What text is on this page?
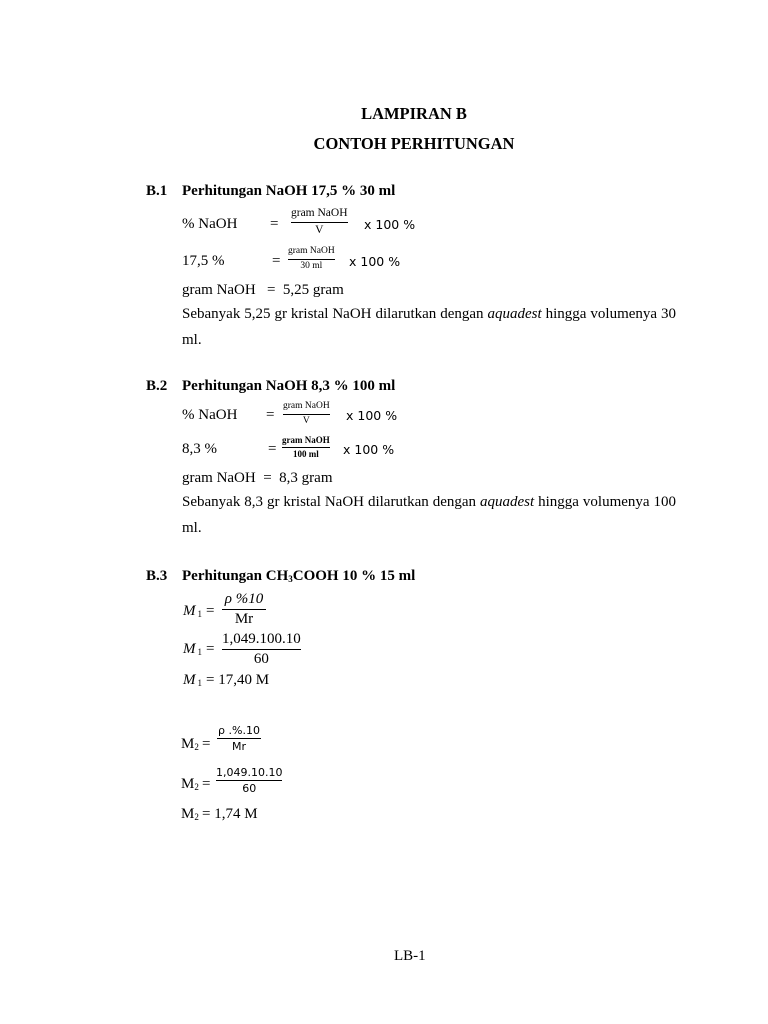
LAMPIRAN B
CONTOH PERHITUNGAN
B.1 Perhitungan NaOH 17,5 % 30 ml
% NaOH =
gram NaOH
V	x 100 %
17,5 %	=
gram NaOH
30 ml x 100 %
gram NaOH   =  5,25 gram
Sebanyak 5,25 gr kristal NaOH dilarutkan dengan aquadest hingga volumenya 30 ml.
B.2 Perhitungan NaOH 8,3 % 100 ml
% NaOH =
gram NaOH
V	x 100 %
8,3 %	=
gram NaOH
100 ml x 100 %
gram NaOH  =  8,3 gram
Sebanyak 8,3 gr kristal NaOH dilarutkan dengan aquadest hingga volumenya 100 ml.
B.3 Perhitungan $CH_3COOH$ 10 % 15 ml
M $_1$ =
ρ %10
Mr
M $_1$ =
1,049.100.10
60
M $_1$ = 17,40 M
$M_2$ =
ρ .%.10
Mr
$M_2$ =
1,049.10.10
60
$M_2 = 1,74$ M
LB-1
